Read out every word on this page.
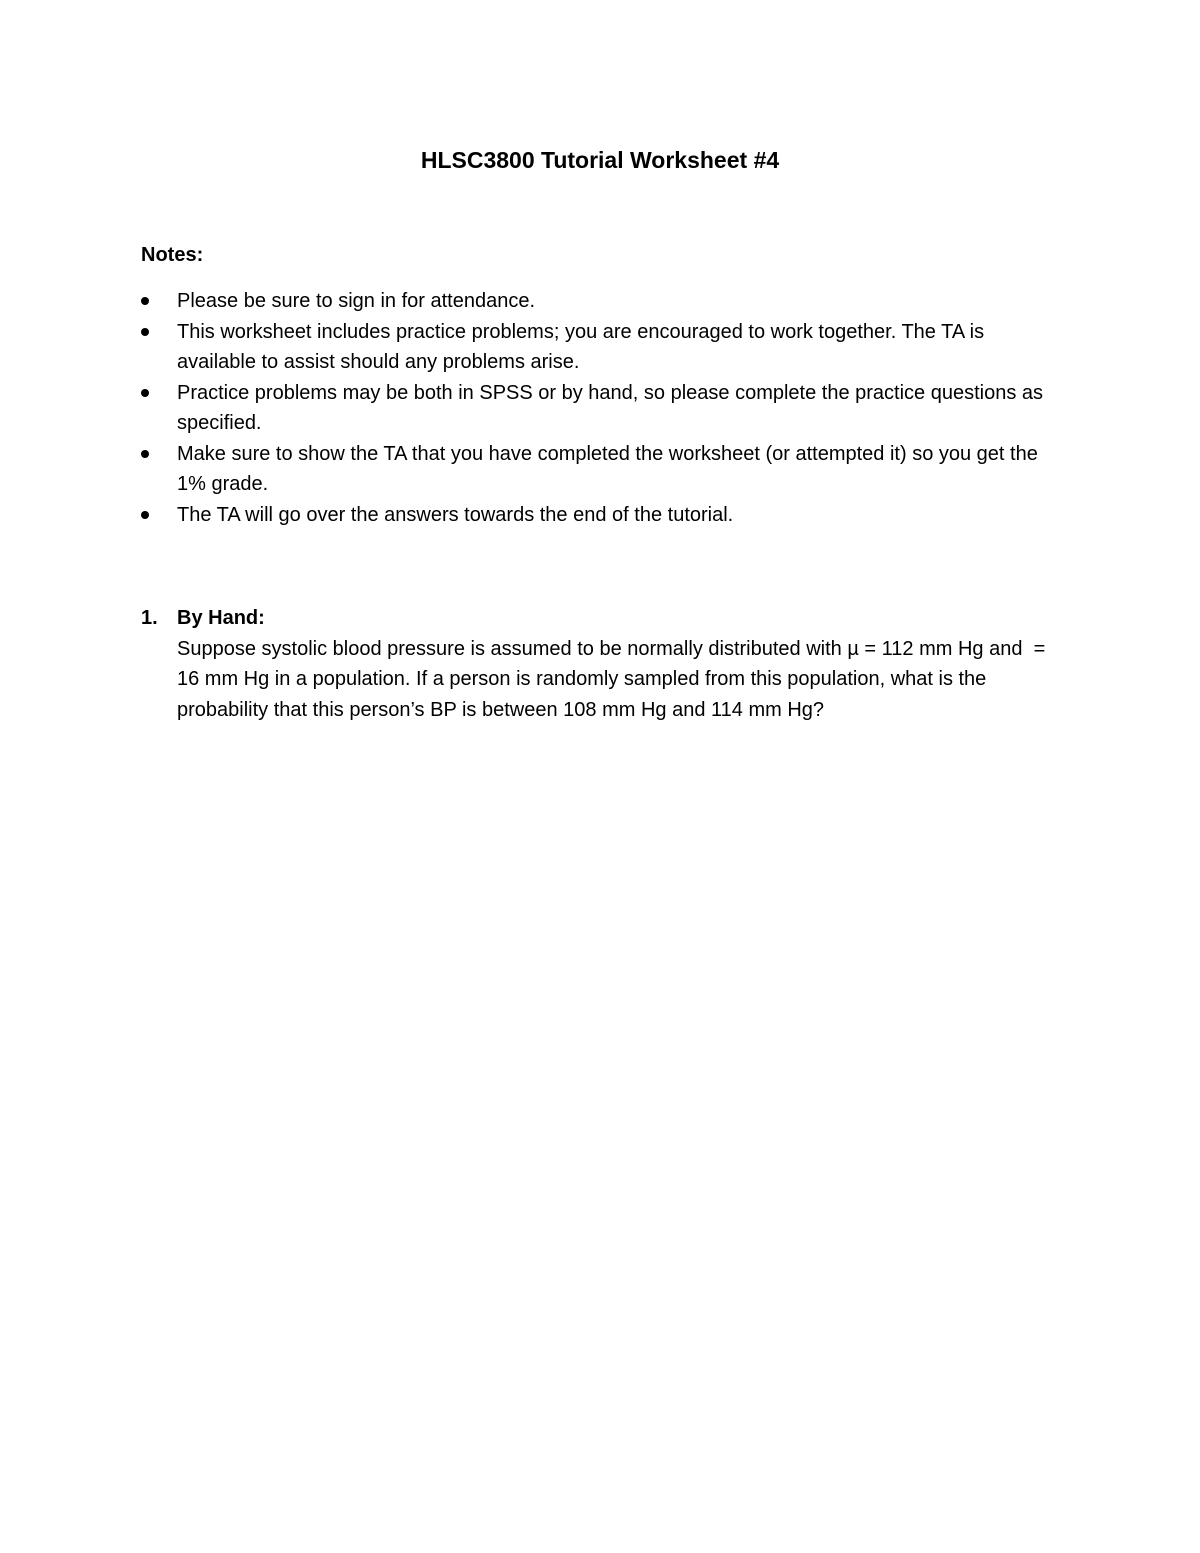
HLSC3800 Tutorial Worksheet #4
Notes:
Please be sure to sign in for attendance.
This worksheet includes practice problems; you are encouraged to work together. The TA is available to assist should any problems arise.
Practice problems may be both in SPSS or by hand, so please complete the practice questions as specified.
Make sure to show the TA that you have completed the worksheet (or attempted it) so you get the 1% grade.
The TA will go over the answers towards the end of the tutorial.
1. By Hand:
Suppose systolic blood pressure is assumed to be normally distributed with µ = 112 mm Hg and  = 16 mm Hg in a population. If a person is randomly sampled from this population, what is the probability that this person’s BP is between 108 mm Hg and 114 mm Hg?
